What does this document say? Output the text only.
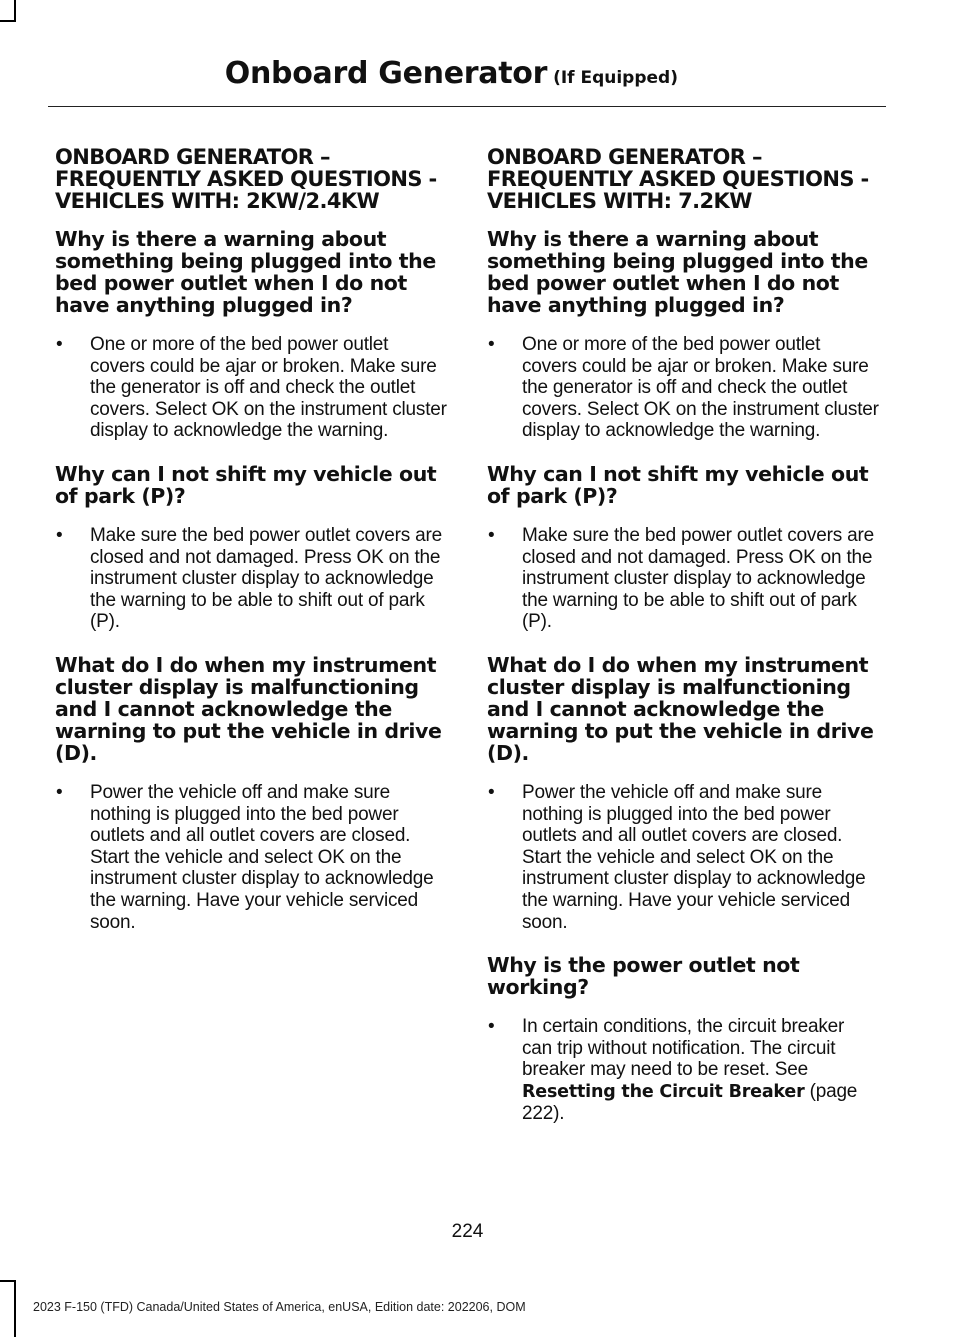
Onboard Generator (If Equipped)
ONBOARD GENERATOR – FREQUENTLY ASKED QUESTIONS - VEHICLES WITH: 2KW/2.4KW
Why is there a warning about something being plugged into the bed power outlet when I do not have anything plugged in?
•	One or more of the bed power outlet covers could be ajar or broken. Make sure the generator is off and check the outlet covers. Select OK on the instrument cluster display to acknowledge the warning.
Why can I not shift my vehicle out of park (P)?
•	Make sure the bed power outlet covers are closed and not damaged. Press OK on the instrument cluster display to acknowledge the warning to be able to shift out of park (P).
What do I do when my instrument cluster display is malfunctioning and I cannot acknowledge the warning to put the vehicle in drive (D).
•	Power the vehicle off and make sure nothing is plugged into the bed power outlets and all outlet covers are closed. Start the vehicle and select OK on the instrument cluster display to acknowledge the warning. Have your vehicle serviced soon.
ONBOARD GENERATOR – FREQUENTLY ASKED QUESTIONS - VEHICLES WITH: 7.2KW
Why is there a warning about something being plugged into the bed power outlet when I do not have anything plugged in?
•	One or more of the bed power outlet covers could be ajar or broken. Make sure the generator is off and check the outlet covers. Select OK on the instrument cluster display to acknowledge the warning.
Why can I not shift my vehicle out of park (P)?
•	Make sure the bed power outlet covers are closed and not damaged. Press OK on the instrument cluster display to acknowledge the warning to be able to shift out of park (P).
What do I do when my instrument cluster display is malfunctioning and I cannot acknowledge the warning to put the vehicle in drive (D).
•	Power the vehicle off and make sure nothing is plugged into the bed power outlets and all outlet covers are closed. Start the vehicle and select OK on the instrument cluster display to acknowledge the warning. Have your vehicle serviced soon.
Why is the power outlet not working?
•	In certain conditions, the circuit breaker can trip without notification. The circuit breaker may need to be reset. See Resetting the Circuit Breaker (page 222).
224
2023 F-150 (TFD) Canada/United States of America, enUSA, Edition date: 202206, DOM
